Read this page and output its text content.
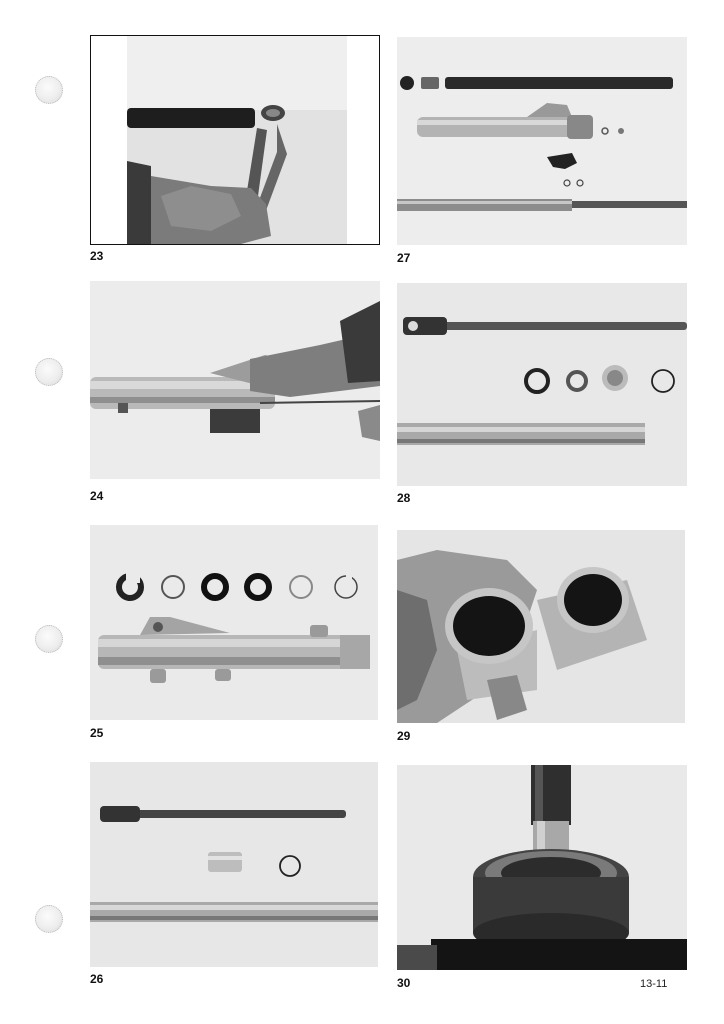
23
24
25
26
27
28
29
30	13-11
